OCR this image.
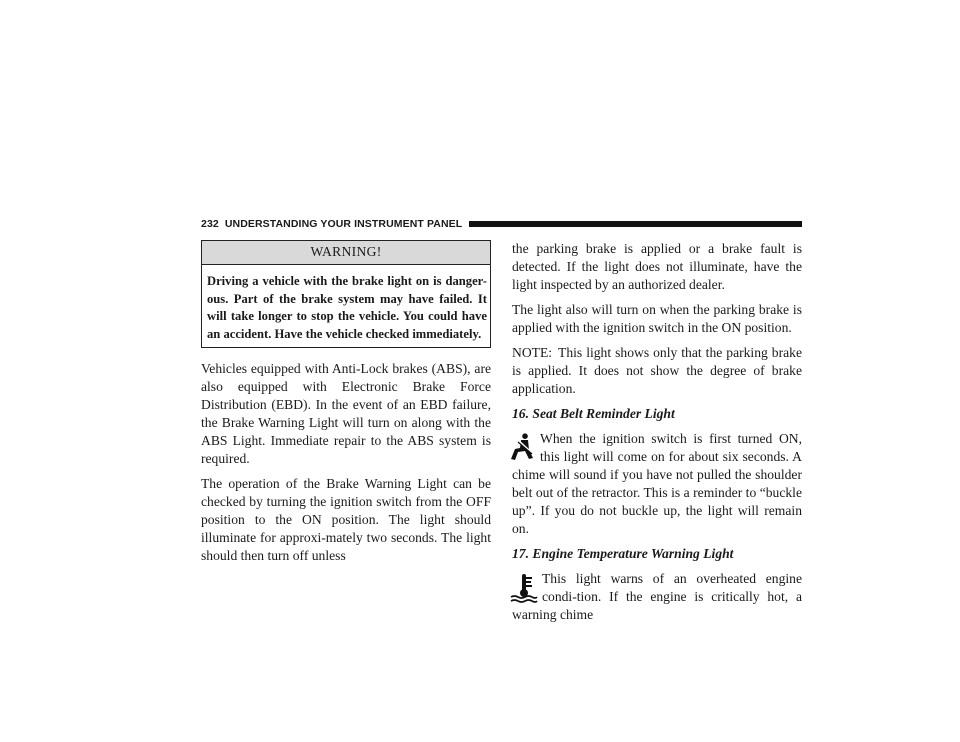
232 UNDERSTANDING YOUR INSTRUMENT PANEL
WARNING!
Driving a vehicle with the brake light on is danger-ous. Part of the brake system may have failed. It will take longer to stop the vehicle. You could have an accident. Have the vehicle checked immediately.

Vehicles equipped with Anti-Lock brakes (ABS), are also equipped with Electronic Brake Force Distribution (EBD). In the event of an EBD failure, the Brake Warning Light will turn on along with the ABS Light. Immediate repair to the ABS system is required.

The operation of the Brake Warning Light can be checked by turning the ignition switch from the OFF position to the ON position. The light should illuminate for approxi-mately two seconds. The light should then turn off unless

the parking brake is applied or a brake fault is detected. If the light does not illuminate, have the light inspected by an authorized dealer.

The light also will turn on when the parking brake is applied with the ignition switch in the ON position.

NOTE: This light shows only that the parking brake is applied. It does not show the degree of brake application.

16. Seat Belt Reminder Light

When the ignition switch is first turned ON, this light will come on for about six seconds. A chime will sound if you have not pulled the shoulder belt out of the retractor. This is a reminder to “buckle up”. If you do not buckle up, the light will remain on.

17. Engine Temperature Warning Light

This light warns of an overheated engine condi-tion. If the engine is critically hot, a warning chime
